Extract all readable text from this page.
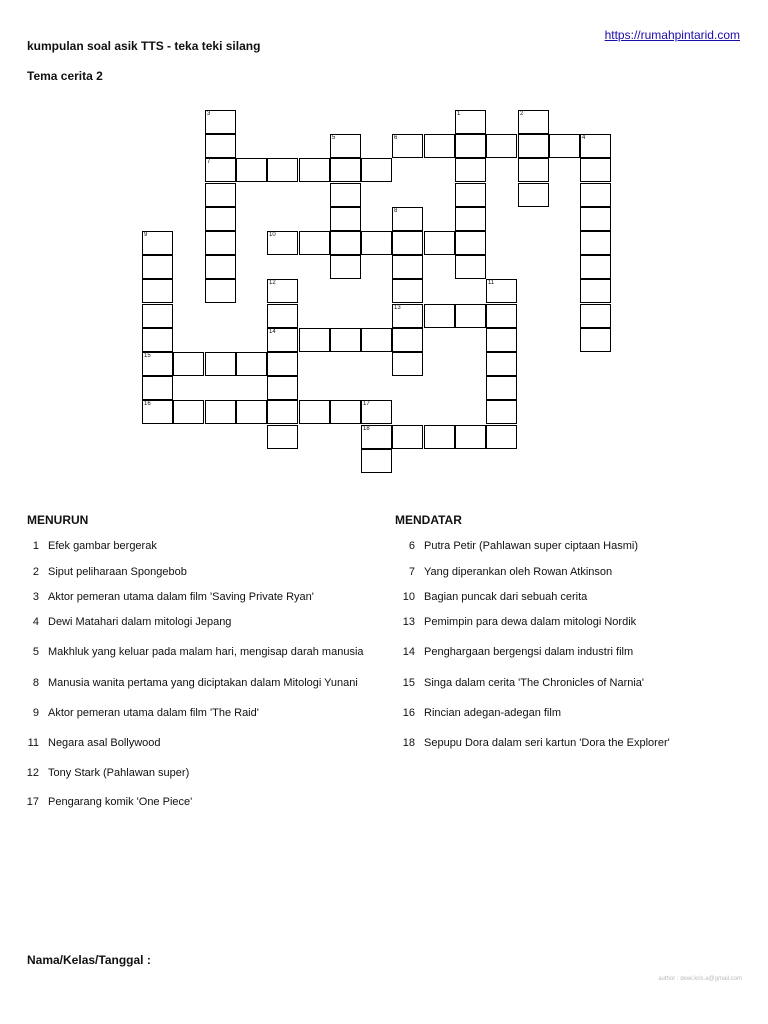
kumpulan soal asik TTS - teka teki silang
Tema cerita 2
https://rumahpintarid.com
1	2
3
7
4
5	6
8
13
9
15
16
10
11
12
14
17
18
MENURUN
1 Efek gambar bergerak
2 Siput peliharaan Spongebob
3 Aktor pemeran utama dalam film 'Saving Private Ryan'
4 Dewi Matahari dalam mitologi Jepang
5 Makhluk yang keluar pada malam hari, mengisap darah manusia
8 Manusia wanita pertama yang diciptakan dalam Mitologi Yunani
9 Aktor pemeran utama dalam film 'The Raid'
11 Negara asal Bollywood
12 Tony Stark (Pahlawan super)
17 Pengarang komik 'One Piece'
MENDATAR
6 Putra Petir (Pahlawan super ciptaan Hasmi)
7 Yang diperankan oleh Rowan Atkinson
10 Bagian puncak dari sebuah cerita
13 Pemimpin para dewa dalam mitologi Nordik
14 Penghargaan bergengsi dalam industri film
15 Singa dalam cerita 'The Chronicles of Narnia'
16 Rincian adegan-adegan film
18 Sepupu Dora dalam seri kartun 'Dora the Explorer'
Nama/Kelas/Tanggal :
author : dewi.kris.a@gmail.com
